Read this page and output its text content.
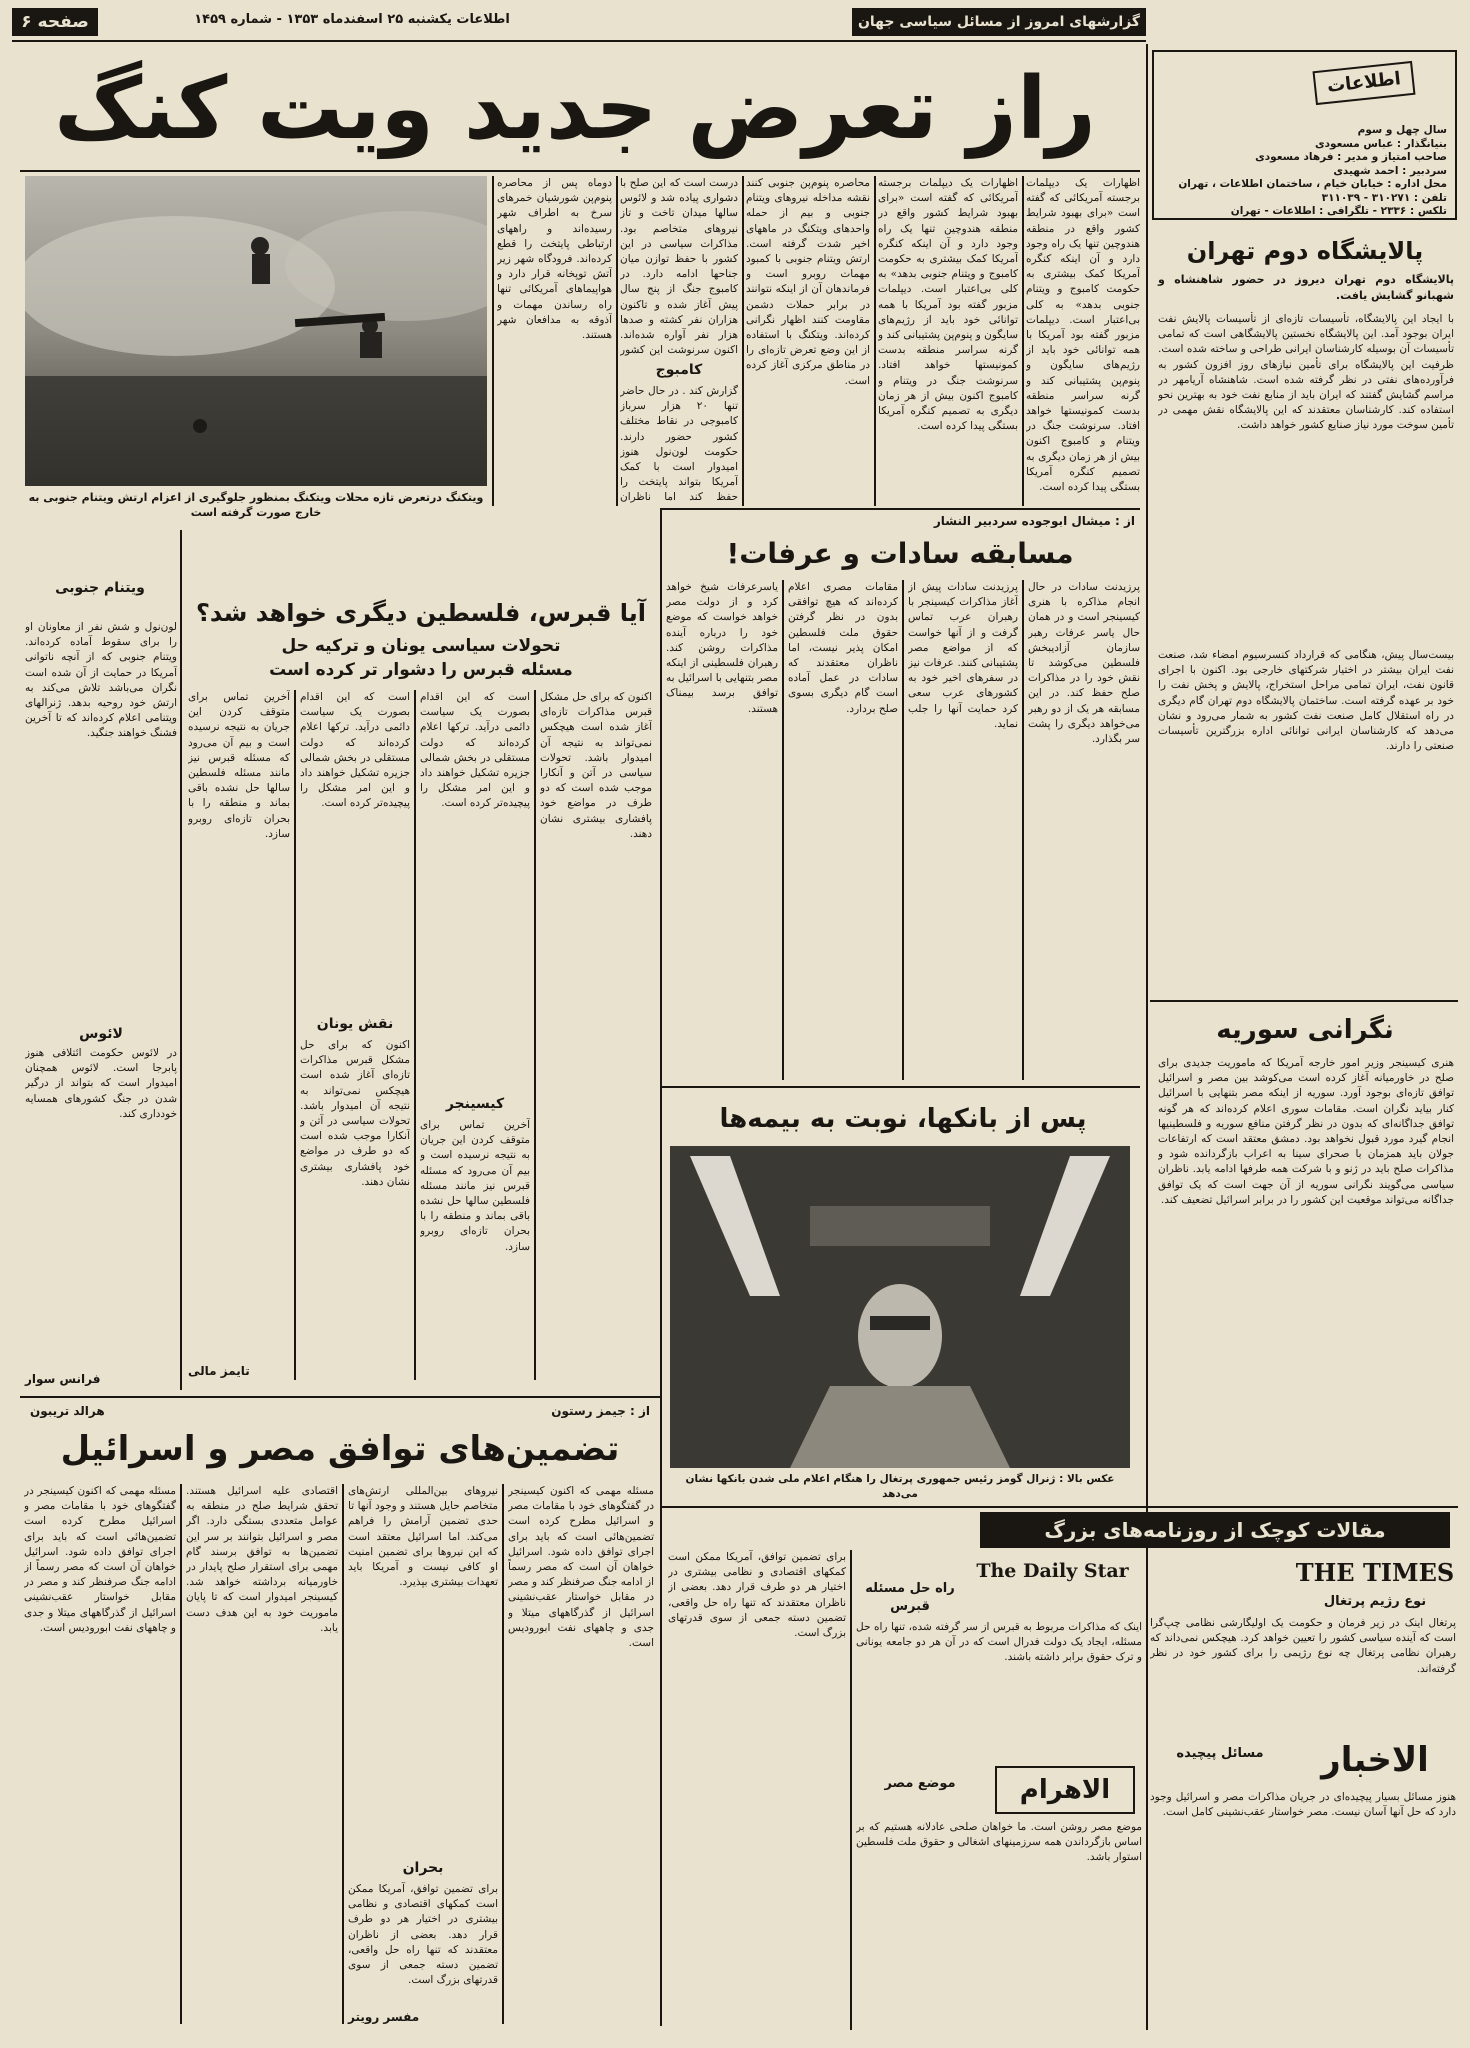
صفحه ۶	اطلاعات یکشنبه ۲۵ اسفندماه ۱۳۵۳ - شماره ۱۴۵۹	گزارشهای امروز از مسائل سیاسی جهان
اطلاعات
سال چهل و سوم
بنیانگذار : عباس مسعودی
صاحب امتیاز و مدیر : فرهاد مسعودی
سردبیر : احمد شهیدی
محل اداره : خیابان خیام ، ساختمان اطلاعات ، تهران
تلفن : ۳۱۰۲۷۱ - ۳۱۱۰۳۹
تلکس : ۲۳۳۶ - تلگرافی : اطلاعات - تهران
راز تعرض جدید ویت کنگ
ویتکنگ درتعرض تازه محلات ویتکنگ بمنظور جلوگیری از اعزام ارتش ویتنام جنوبی به خارج صورت گرفته است
دوماه پس از محاصره پنوم‌پن شورشیان خمرهای سرخ به اطراف شهر رسیده‌اند و راههای ارتباطی پایتخت را قطع کرده‌اند. فرودگاه شهر زیر آتش توپخانه قرار دارد و هواپیماهای آمریکائی تنها راه رساندن مهمات و آذوقه به مدافعان شهر هستند.
درست است که این صلح با دشواری پیاده شد و لائوس سالها میدان تاخت و تاز نیروهای متخاصم بود. مذاکرات سیاسی در این کشور با حفظ توازن میان جناحها ادامه دارد. در کامبوج جنگ از پنج سال پیش آغاز شده و تاکنون هزاران نفر کشته و صدها هزار نفر آواره شده‌اند. اکنون سرنوشت این کشور
کامبوج
گزارش کند . در حال حاضر تنها ۲۰ هزار سرباز کامبوجی در نقاط مختلف کشور حضور دارند. حکومت لون‌نول هنوز امیدوار است با کمک آمریکا بتواند پایتخت را حفظ کند اما ناظران
محاصره پنوم‌پن جنوبی کنند نقشه مداخله نیروهای ویتنام جنوبی و بیم از حمله واحدهای ویتکنگ در ماههای اخیر شدت گرفته است. ارتش ویتنام جنوبی با کمبود مهمات روبرو است و فرماندهان آن از اینکه نتوانند در برابر حملات دشمن مقاومت کنند اظهار نگرانی کرده‌اند. ویتکنگ با استفاده از این وضع تعرض تازه‌ای را در مناطق مرکزی آغاز کرده است.
اظهارات یک دیپلمات برجسته آمریکائی که گفته است «برای بهبود شرایط کشور واقع در منطقه هندوچین تنها یک راه وجود دارد و آن اینکه کنگره آمریکا کمک بیشتری به حکومت کامبوج و ویتنام جنوبی بدهد» به کلی بی‌اعتبار است. دیپلمات مزبور گفته بود آمریکا با همه توانائی خود باید از رژیم‌های سایگون و پنوم‌پن پشتیبانی کند و گرنه سراسر منطقه بدست کمونیستها خواهد افتاد. سرنوشت جنگ در ویتنام و کامبوج اکنون بیش از هر زمان دیگری به تصمیم کنگره آمریکا بستگی پیدا کرده است.
اظهارات یک دیپلمات برجسته آمریکائی که گفته است «برای بهبود شرایط کشور واقع در منطقه هندوچین تنها یک راه وجود دارد و آن اینکه کنگره آمریکا کمک بیشتری به حکومت کامبوج و ویتنام جنوبی بدهد» به کلی بی‌اعتبار است. دیپلمات مزبور گفته بود آمریکا با همه توانائی خود باید از رژیم‌های سایگون و پنوم‌پن پشتیبانی کند و گرنه سراسر منطقه بدست کمونیستها خواهد افتاد. سرنوشت جنگ در ویتنام و کامبوج اکنون بیش از هر زمان دیگری به تصمیم کنگره آمریکا بستگی پیدا کرده است.
از : میشال ابوجوده سردبیر النشار
مسابقه سادات و عرفات!
پرزیدنت سادات در حال انجام مذاکره با هنری کیسینجر است و در همان حال یاسر عرفات رهبر سازمان آزادیبخش فلسطین می‌کوشد تا نقش خود را در مذاکرات صلح حفظ کند. در این مسابقه هر یک از دو رهبر می‌خواهد دیگری را پشت سر بگذارد.
پرزیدنت سادات پیش از آغاز مذاکرات کیسینجر با رهبران عرب تماس گرفت و از آنها خواست که از مواضع مصر پشتیبانی کنند. عرفات نیز در سفرهای اخیر خود به کشورهای عرب سعی کرد حمایت آنها را جلب نماید.
مقامات مصری اعلام کرده‌اند که هیچ توافقی بدون در نظر گرفتن حقوق ملت فلسطین امکان پذیر نیست، اما ناظران معتقدند که سادات در عمل آماده است گام دیگری بسوی صلح بردارد.
یاسرعرفات شیخ خواهد کرد و از دولت مصر خواهد خواست که موضع خود را درباره آینده مذاکرات روشن کند. رهبران فلسطینی از اینکه مصر بتنهایی با اسرائیل به توافق برسد بیمناک هستند.
ویتنام جنوبی
لون‌نول و شش نفر از معاونان او را برای سقوط آماده کرده‌اند. ویتنام جنوبی که از آنچه ناتوانی آمریکا در حمایت از آن شده است نگران می‌باشد تلاش می‌کند به ارتش خود روحیه بدهد. ژنرالهای ویتنامی اعلام کرده‌اند که تا آخرین فشنگ خواهند جنگید.
لائوس
در لائوس حکومت ائتلافی هنوز پابرجا است. لائوس همچنان امیدوار است که بتواند از درگیر شدن در جنگ کشورهای همسایه خودداری کند.
فرانس سوار
آیا قبرس، فلسطین دیگری خواهد شد؟
تحولات سیاسی یونان و ترکیه حل
مسئله قبرس را دشوار تر کرده است
اکنون که برای حل مشکل قبرس مذاکرات تازه‌ای آغاز شده است هیچکس نمی‌تواند به نتیجه آن امیدوار باشد. تحولات سیاسی در آتن و آنکارا موجب شده است که دو طرف در مواضع خود پافشاری بیشتری نشان دهند.
است که این اقدام بصورت یک سیاست دائمی درآید. ترکها اعلام کرده‌اند که دولت مستقلی در بخش شمالی جزیره تشکیل خواهند داد و این امر مشکل را پیچیده‌تر کرده است.
کیسینجر
آخرین تماس برای متوقف کردن این جریان به نتیجه نرسیده است و بیم آن می‌رود که مسئله قبرس نیز مانند مسئله فلسطین سالها حل نشده باقی بماند و منطقه را با بحران تازه‌ای روبرو سازد.
است که این اقدام بصورت یک سیاست دائمی درآید. ترکها اعلام کرده‌اند که دولت مستقلی در بخش شمالی جزیره تشکیل خواهند داد و این امر مشکل را پیچیده‌تر کرده است.
نقش یونان
اکنون که برای حل مشکل قبرس مذاکرات تازه‌ای آغاز شده است هیچکس نمی‌تواند به نتیجه آن امیدوار باشد. تحولات سیاسی در آتن و آنکارا موجب شده است که دو طرف در مواضع خود پافشاری بیشتری نشان دهند.
آخرین تماس برای متوقف کردن این جریان به نتیجه نرسیده است و بیم آن می‌رود که مسئله قبرس نیز مانند مسئله فلسطین سالها حل نشده باقی بماند و منطقه را با بحران تازه‌ای روبرو سازد.
تایمز مالی
پس از بانکها، نوبت به بیمه‌ها
عکس بالا : ژنرال گومز رئیس جمهوری پرتغال را هنگام اعلام ملی شدن بانکها نشان می‌دهد
پالایشگاه دوم تهران
پالایشگاه دوم تهران دیروز در حضور شاهنشاه و شهبانو گشایش یافت.
با ایجاد این پالایشگاه، تأسیسات تازه‌ای از تأسیسات پالایش نفت ایران بوجود آمد. این پالایشگاه نخستین پالایشگاهی است که تمامی تأسیسات آن بوسیله کارشناسان ایرانی طراحی و ساخته شده است. ظرفیت این پالایشگاه برای تأمین نیازهای روز افزون کشور به فرآورده‌های نفتی در نظر گرفته شده است. شاهنشاه آریامهر در مراسم گشایش گفتند که ایران باید از منابع نفت خود به بهترین نحو استفاده کند. کارشناسان معتقدند که این پالایشگاه نقش مهمی در تأمین سوخت مورد نیاز صنایع کشور خواهد داشت.
بیست‌سال پیش، هنگامی که قرارداد کنسرسیوم امضاء شد، صنعت نفت ایران بیشتر در اختیار شرکتهای خارجی بود. اکنون با اجرای قانون نفت، ایران تمامی مراحل استخراج، پالایش و پخش نفت را خود بر عهده گرفته است. ساختمان پالایشگاه دوم تهران گام دیگری در راه استقلال کامل صنعت نفت کشور به شمار می‌رود و نشان می‌دهد که کارشناسان ایرانی توانائی اداره بزرگترین تأسیسات صنعتی را دارند.
نگرانی سوریه
هنری کیسینجر وزیر امور خارجه آمریکا که ماموریت جدیدی برای صلح در خاورمیانه آغاز کرده است می‌کوشد بین مصر و اسرائیل توافق تازه‌ای بوجود آورد. سوریه از اینکه مصر بتنهایی با اسرائیل کنار بیاید نگران است. مقامات سوری اعلام کرده‌اند که هر گونه توافق جداگانه‌ای که بدون در نظر گرفتن منافع سوریه و فلسطینیها انجام گیرد مورد قبول نخواهد بود. دمشق معتقد است که ارتفاعات جولان باید همزمان با صحرای سینا به اعراب بازگردانده شود و مذاکرات صلح باید در ژنو و با شرکت همه طرفها ادامه یابد. ناظران سیاسی می‌گویند نگرانی سوریه از آن جهت است که یک توافق جداگانه می‌تواند موقعیت این کشور را در برابر اسرائیل تضعیف کند.
مقالات کوچک از روزنامه‌های بزرگ
THE TIMES
نوع رژیم پرتغال
پرتغال اینک در زیر فرمان و حکومت یک اولیگارشی نظامی چپ‌گرا است که آینده سیاسی کشور را تعیین خواهد کرد. هیچکس نمی‌داند که رهبران نظامی پرتغال چه نوع رژیمی را برای کشور خود در نظر گرفته‌اند.
الاخبار
مسائل پیچیده
هنوز مسائل بسیار پیچیده‌ای در جریان مذاکرات مصر و اسرائیل وجود دارد که حل آنها آسان نیست. مصر خواستار عقب‌نشینی کامل است.
The Daily Star
راه حل مسئله قبرس
اینک که مذاکرات مربوط به قبرس از سر گرفته شده، تنها راه حل مسئله، ایجاد یک دولت فدرال است که در آن هر دو جامعه یونانی و ترک حقوق برابر داشته باشند.
الاهرام
موضع مصر
موضع مصر روشن است. ما خواهان صلحی عادلانه هستیم که بر اساس بازگرداندن همه سرزمینهای اشغالی و حقوق ملت فلسطین استوار باشد.
برای تضمین توافق، آمریکا ممکن است کمکهای اقتصادی و نظامی بیشتری در اختیار هر دو طرف قرار دهد. بعضی از ناظران معتقدند که تنها راه حل واقعی، تضمین دسته جمعی از سوی قدرتهای بزرگ است.
از : جیمز رستون
هرالد تریبون
تضمین‌های توافق مصر و اسرائیل
مسئله مهمی که اکنون کیسینجر در گفتگوهای خود با مقامات مصر و اسرائیل مطرح کرده است تضمین‌هائی است که باید برای اجرای توافق داده شود. اسرائیل خواهان آن است که مصر رسماً از ادامه جنگ صرفنظر کند و مصر در مقابل خواستار عقب‌نشینی اسرائیل از گذرگاههای میتلا و جدی و چاههای نفت ابورودیس است.
نیروهای بین‌المللی ارتش‌های متخاصم حایل هستند و وجود آنها تا حدی تضمین آرامش را فراهم می‌کند. اما اسرائیل معتقد است که این نیروها برای تضمین امنیت او کافی نیست و آمریکا باید تعهدات بیشتری بپذیرد.
بحران
برای تضمین توافق، آمریکا ممکن است کمکهای اقتصادی و نظامی بیشتری در اختیار هر دو طرف قرار دهد. بعضی از ناظران معتقدند که تنها راه حل واقعی، تضمین دسته جمعی از سوی قدرتهای بزرگ است.
مفسر رویتر
اقتصادی علیه اسرائیل هستند. تحقق شرایط صلح در منطقه به عوامل متعددی بستگی دارد. اگر مصر و اسرائیل بتوانند بر سر این تضمین‌ها به توافق برسند گام مهمی برای استقرار صلح پایدار در خاورمیانه برداشته خواهد شد. کیسینجر امیدوار است که تا پایان ماموریت خود به این هدف دست یابد.
مسئله مهمی که اکنون کیسینجر در گفتگوهای خود با مقامات مصر و اسرائیل مطرح کرده است تضمین‌هائی است که باید برای اجرای توافق داده شود. اسرائیل خواهان آن است که مصر رسماً از ادامه جنگ صرفنظر کند و مصر در مقابل خواستار عقب‌نشینی اسرائیل از گذرگاههای میتلا و جدی و چاههای نفت ابورودیس است.
